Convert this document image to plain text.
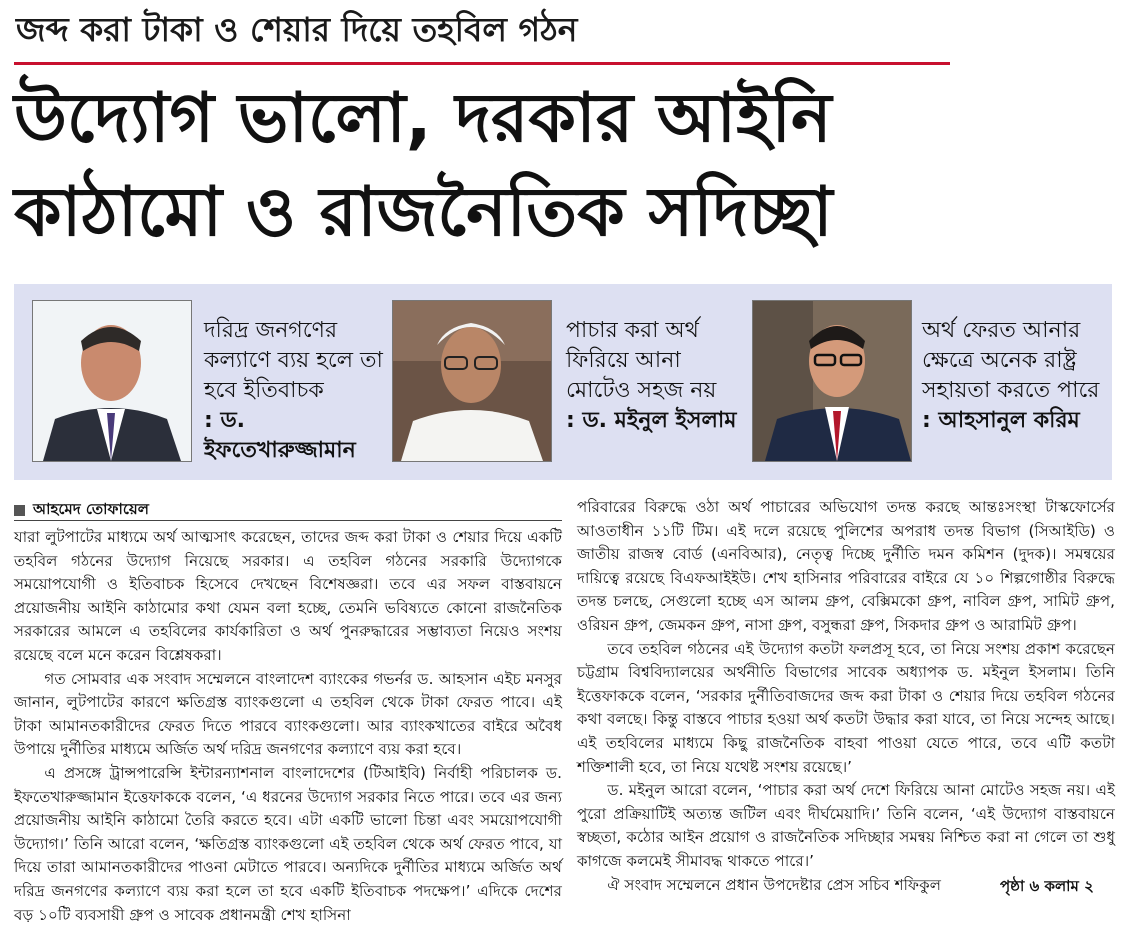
জব্দ করা টাকা ও শেয়ার দিয়ে তহবিল গঠন
উদ্যোগ ভালো, দরকার আইনি
কাঠামো ও রাজনৈতিক সদিচ্ছা
দরিদ্র জনগণের
কল্যাণে ব্যয় হলে তা
হবে ইতিবাচক
: ড. ইফতেখারুজ্জামান
পাচার করা অর্থ
ফিরিয়ে আনা
মোটেও সহজ নয়
: ড. মইনুল ইসলাম
অর্থ ফেরত আনার
ক্ষেত্রে অনেক রাষ্ট্র
সহায়তা করতে পারে
: আহসানুল করিম
আহমেদ তোফায়েল

যারা লুটপাটের মাধ্যমে অর্থ আত্মসাৎ করেছেন, তাদের জব্দ করা টাকা ও শেয়ার দিয়ে একটি তহবিল গঠনের উদ্যোগ নিয়েছে সরকার। এ তহবিল গঠনের সরকারি উদ্যোগকে সময়োপযোগী ও ইতিবাচক হিসেবে দেখছেন বিশেষজ্ঞরা। তবে এর সফল বাস্তবায়নে প্রয়োজনীয় আইনি কাঠামোর কথা যেমন বলা হচ্ছে, তেমনি ভবিষ্যতে কোনো রাজনৈতিক সরকারের আমলে এ তহবিলের কার্যকারিতা ও অর্থ পুনরুদ্ধারের সম্ভাব্যতা নিয়েও সংশয় রয়েছে বলে মনে করেন বিশ্লেষকরা।

গত সোমবার এক সংবাদ সম্মেলনে বাংলাদেশ ব্যাংকের গভর্নর ড. আহসান এইচ মনসুর জানান, লুটপাটের কারণে ক্ষতিগ্রস্ত ব্যাংকগুলো এ তহবিল থেকে টাকা ফেরত পাবে। এই টাকা আমানতকারীদের ফেরত দিতে পারবে ব্যাংকগুলো। আর ব্যাংকখাতের বাইরে অবৈধ উপায়ে দুর্নীতির মাধ্যমে অর্জিত অর্থ দরিদ্র জনগণের কল্যাণে ব্যয় করা হবে।

এ প্রসঙ্গে ট্রান্সপারেন্সি ইন্টারন্যাশনাল বাংলাদেশের (টিআইবি) নির্বাহী পরিচালক ড. ইফতেখারুজ্জামান ইত্তেফাককে বলেন, ‘এ ধরনের উদ্যোগ সরকার নিতে পারে। তবে এর জন্য প্রয়োজনীয় আইনি কাঠামো তৈরি করতে হবে। এটা একটি ভালো চিন্তা এবং সময়োপযোগী উদ্যোগ।’ তিনি আরো বলেন, ‘ক্ষতিগ্রস্ত ব্যাংকগুলো এই তহবিল থেকে অর্থ ফেরত পাবে, যা দিয়ে তারা আমানতকারীদের পাওনা মেটাতে পারবে। অন্যদিকে দুর্নীতির মাধ্যমে অর্জিত অর্থ দরিদ্র জনগণের কল্যাণে ব্যয় করা হলে তা হবে একটি ইতিবাচক পদক্ষেপ।’ এদিকে দেশের বড় ১০টি ব্যবসায়ী গ্রুপ ও সাবেক প্রধানমন্ত্রী শেখ হাসিনা

পরিবারের বিরুদ্ধে ওঠা অর্থ পাচারের অভিযোগ তদন্ত করছে আন্তঃসংস্থা টাস্কফোর্সের আওতাধীন ১১টি টিম। এই দলে রয়েছে পুলিশের অপরাধ তদন্ত বিভাগ (সিআইডি) ও জাতীয় রাজস্ব বোর্ড (এনবিআর), নেতৃত্ব দিচ্ছে দুর্নীতি দমন কমিশন (দুদক)। সমন্বয়ের দায়িত্বে রয়েছে বিএফআইইউ। শেখ হাসিনার পরিবারের বাইরে যে ১০ শিল্পগোষ্ঠীর বিরুদ্ধে তদন্ত চলছে, সেগুলো হচ্ছে এস আলম গ্রুপ, বেক্সিমকো গ্রুপ, নাবিল গ্রুপ, সামিট গ্রুপ, ওরিয়ন গ্রুপ, জেমকন গ্রুপ, নাসা গ্রুপ, বসুন্ধরা গ্রুপ, সিকদার গ্রুপ ও আরামিট গ্রুপ।

তবে তহবিল গঠনের এই উদ্যোগ কতটা ফলপ্রসূ হবে, তা নিয়ে সংশয় প্রকাশ করেছেন চট্টগ্রাম বিশ্ববিদ্যালয়ের অর্থনীতি বিভাগের সাবেক অধ্যাপক ড. মইনুল ইসলাম। তিনি ইত্তেফাককে বলেন, ‘সরকার দুর্নীতিবাজদের জব্দ করা টাকা ও শেয়ার দিয়ে তহবিল গঠনের কথা বলছে। কিন্তু বাস্তবে পাচার হওয়া অর্থ কতটা উদ্ধার করা যাবে, তা নিয়ে সন্দেহ আছে। এই তহবিলের মাধ্যমে কিছু রাজনৈতিক বাহবা পাওয়া যেতে পারে, তবে এটি কতটা শক্তিশালী হবে, তা নিয়ে যথেষ্ট সংশয় রয়েছে।’

ড. মইনুল আরো বলেন, ‘পাচার করা অর্থ দেশে ফিরিয়ে আনা মোটেও সহজ নয়। এই পুরো প্রক্রিয়াটিই অত্যন্ত জটিল এবং দীর্ঘমেয়াদি।’ তিনি বলেন, ‘এই উদ্যোগ বাস্তবায়নে স্বচ্ছতা, কঠোর আইন প্রয়োগ ও রাজনৈতিক সদিচ্ছার সমন্বয় নিশ্চিত করা না গেলে তা শুধু কাগজে কলমেই সীমাবদ্ধ থাকতে পারে।’

ঐ সংবাদ সম্মেলনে প্রধান উপদেষ্টার প্রেস সচিব শফিকুল	পৃষ্ঠা ৬ কলাম ২
